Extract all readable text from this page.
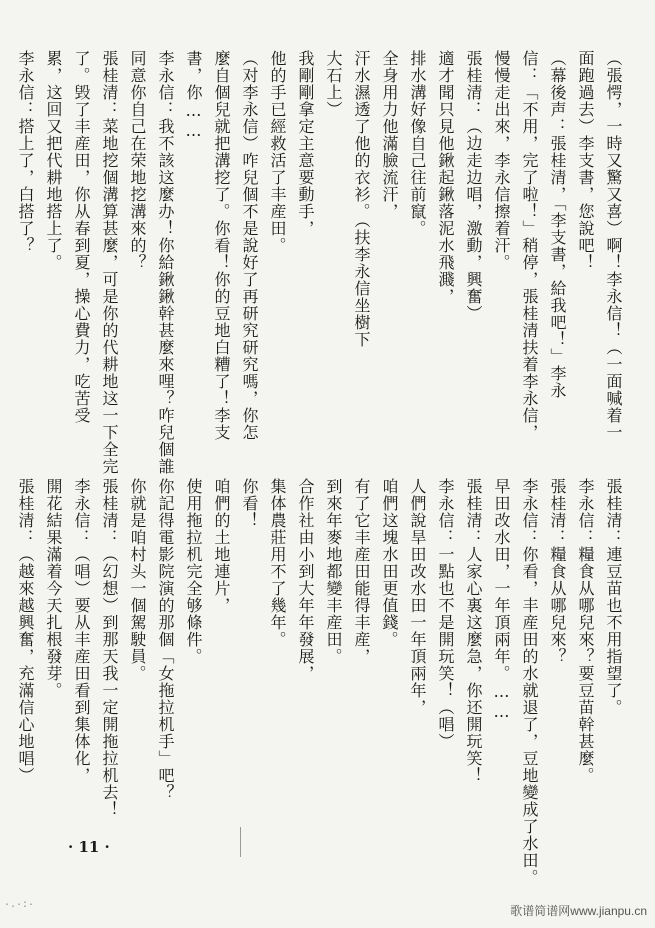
（張愕，一時又驚又喜）啊！李永信！（一面喊着一
面跑過去）李支書，您說吧！
（幕後声：張桂清，「李支書，給我吧！」李永
信：「不用，完了啦！」稍停，張桂清扶着李永信，
慢慢走出來，李永信擦着汗。
張桂清：（边走边唱，激動，興奮）
適才聞只見他鍬起鍬落泥水飛濺，
排水溝好像自己往前竄。
全身用力他滿臉流汗，
汗水濕透了他的衣衫。（扶李永信坐樹下
大石上）
我剛剛拿定主意要動手，
他的手已經救活了丰産田。
（对李永信）咋兒個不是說好了再研究研究嗎，你怎
麼自個兒就把溝挖了。你看！你的豆地白糟了！李支
書，你……
李永信：我不該这麼办！你給鍬鍬幹甚麼來哩？咋兒個誰
同意你自己在荣地挖溝來的？
張桂清：菜地挖個溝算甚麼，可是你的代耕地这一下全完
了。毁了丰産田，你从春到夏，操心費力，吃苦受
累，这回又把代耕地搭上了。
李永信：搭上了，白搭了？
張桂清：連豆苗也不用指望了。
李永信：糧食从哪兒來？要豆苗幹甚麼。
張桂清：糧食从哪兒來？
李永信：你看，丰産田的水就退了，豆地變成了水田。
早田改水田，一年頂兩年。……
張桂清：人家心裏这麼急，你还開玩笑！
李永信：一點也不是開玩笑！（唱）
人們說旱田改水田一年頂兩年，
咱們这塊水田更值錢。
有了它丰産田能得丰産，
到來年麥地都變丰産田。
合作社由小到大年年發展，
集体農莊用不了幾年。
你看！
咱們的土地連片，
使用拖拉机完全够條件。
你記得電影院演的那個「女拖拉机手」吧？
你就是咱村头一個駕駛員。
張桂清：（幻想）到那天我一定開拖拉机去！
李永信：（唱）要从丰産田看到集体化，
開花結果滿着今天扎根發芽。
張桂清：（越來越興奮，充滿信心地唱）
· 11 ·
·.·:·	歌谱简谱网www.jianpu.cn
